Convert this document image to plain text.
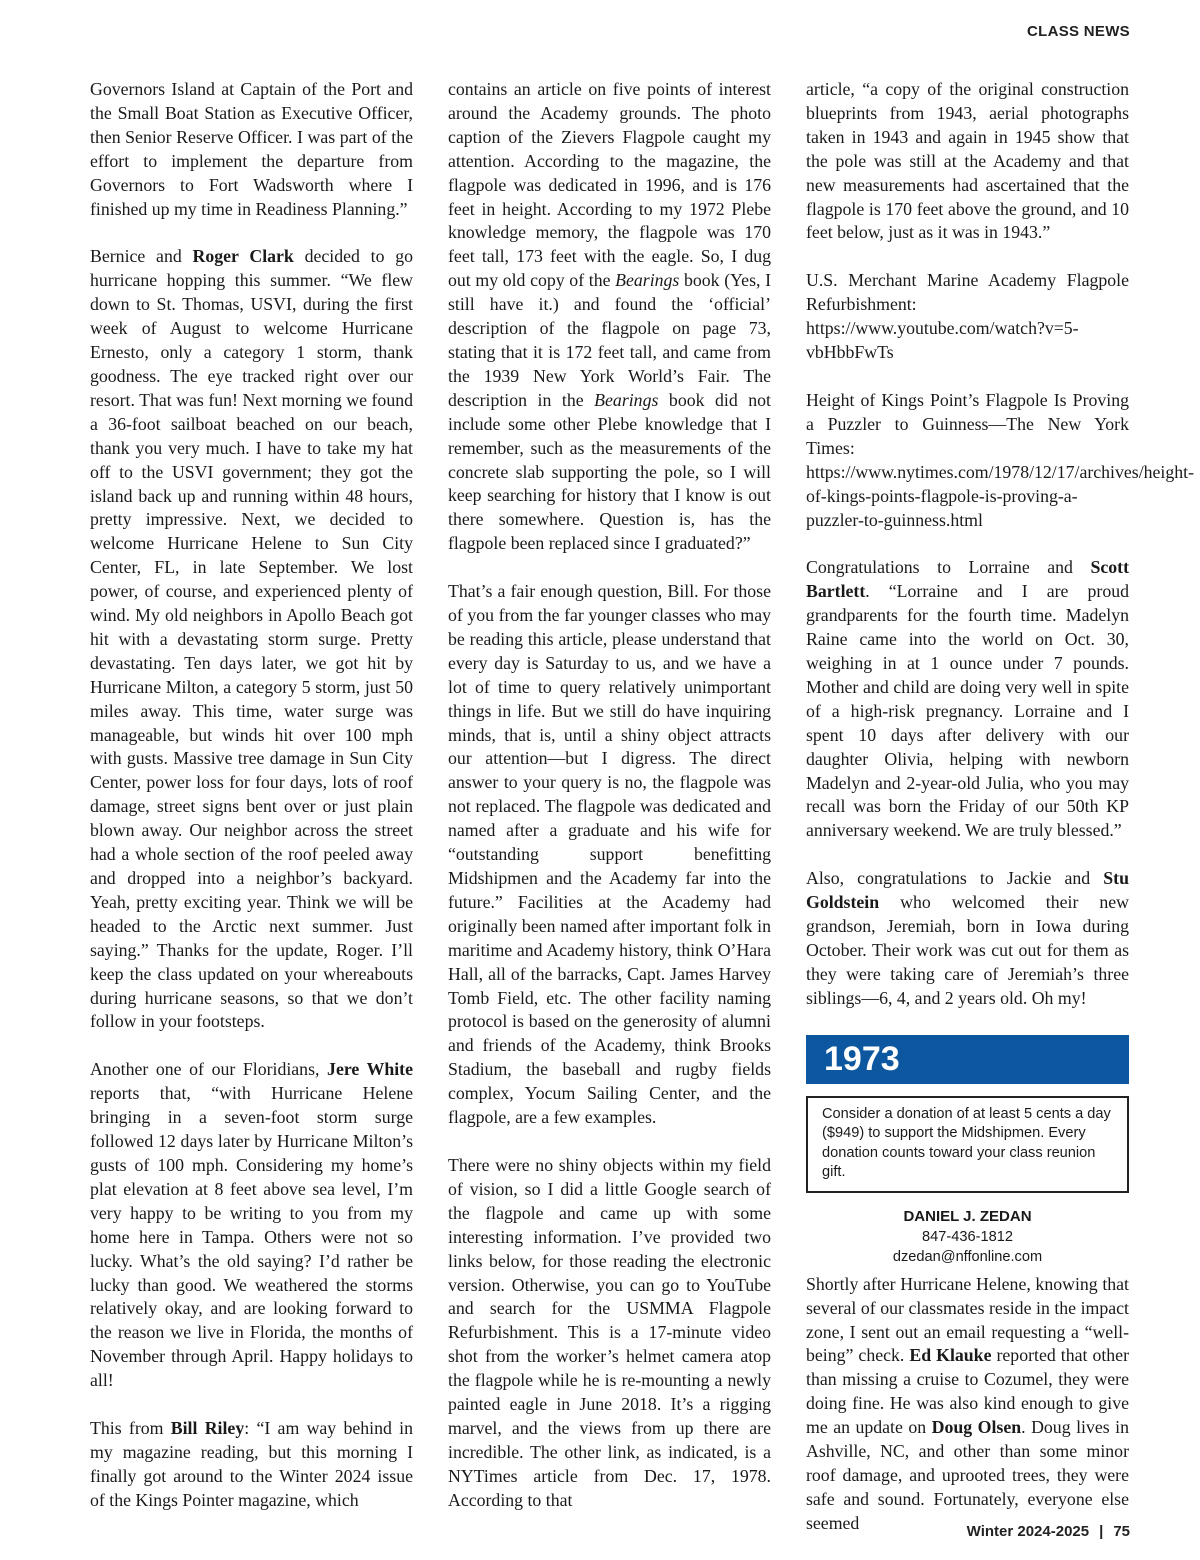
CLASS NEWS

Governors Island at Captain of the Port and the Small Boat Station as Executive Officer, then Senior Reserve Officer. I was part of the effort to implement the departure from Governors to Fort Wadsworth where I finished up my time in Readiness Planning.”

Bernice and Roger Clark decided to go hurricane hopping this summer. “We flew down to St. Thomas, USVI, during the first week of August to welcome Hurricane Ernesto, only a category 1 storm, thank goodness. The eye tracked right over our resort. That was fun! Next morning we found a 36-foot sailboat beached on our beach, thank you very much. I have to take my hat off to the USVI government; they got the island back up and running within 48 hours, pretty impressive. Next, we decided to welcome Hurricane Helene to Sun City Center, FL, in late September. We lost power, of course, and experienced plenty of wind. My old neighbors in Apollo Beach got hit with a devastating storm surge. Pretty devastating. Ten days later, we got hit by Hurricane Milton, a category 5 storm, just 50 miles away. This time, water surge was manageable, but winds hit over 100 mph with gusts. Massive tree damage in Sun City Center, power loss for four days, lots of roof damage, street signs bent over or just plain blown away. Our neighbor across the street had a whole section of the roof peeled away and dropped into a neighbor’s backyard. Yeah, pretty exciting year. Think we will be headed to the Arctic next summer. Just saying.” Thanks for the update, Roger. I’ll keep the class updated on your whereabouts during hurricane seasons, so that we don’t follow in your footsteps.

Another one of our Floridians, Jere White reports that, “with Hurricane Helene bringing in a seven-foot storm surge followed 12 days later by Hurricane Milton’s gusts of 100 mph. Considering my home’s plat elevation at 8 feet above sea level, I’m very happy to be writing to you from my home here in Tampa. Others were not so lucky. What’s the old saying? I’d rather be lucky than good. We weathered the storms relatively okay, and are looking forward to the reason we live in Florida, the months of November through April. Happy holidays to all!

This from Bill Riley: “I am way behind in my magazine reading, but this morning I finally got around to the Winter 2024 issue of the Kings Pointer magazine, which

contains an article on five points of interest around the Academy grounds. The photo caption of the Zievers Flagpole caught my attention. According to the magazine, the flagpole was dedicated in 1996, and is 176 feet in height. According to my 1972 Plebe knowledge memory, the flagpole was 170 feet tall, 173 feet with the eagle. So, I dug out my old copy of the Bearings book (Yes, I still have it.) and found the ‘official’ description of the flagpole on page 73, stating that it is 172 feet tall, and came from the 1939 New York World’s Fair. The description in the Bearings book did not include some other Plebe knowledge that I remember, such as the measurements of the concrete slab supporting the pole, so I will keep searching for history that I know is out there somewhere. Question is, has the flagpole been replaced since I graduated?”

That’s a fair enough question, Bill. For those of you from the far younger classes who may be reading this article, please understand that every day is Saturday to us, and we have a lot of time to query relatively unimportant things in life. But we still do have inquiring minds, that is, until a shiny object attracts our attention—but I digress. The direct answer to your query is no, the flagpole was not replaced. The flagpole was dedicated and named after a graduate and his wife for “outstanding support benefitting Midshipmen and the Academy far into the future.” Facilities at the Academy had originally been named after important folk in maritime and Academy history, think O’Hara Hall, all of the barracks, Capt. James Harvey Tomb Field, etc. The other facility naming protocol is based on the generosity of alumni and friends of the Academy, think Brooks Stadium, the baseball and rugby fields complex, Yocum Sailing Center, and the flagpole, are a few examples.

There were no shiny objects within my field of vision, so I did a little Google search of the flagpole and came up with some interesting information. I’ve provided two links below, for those reading the electronic version. Otherwise, you can go to YouTube and search for the USMMA Flagpole Refurbishment. This is a 17-minute video shot from the worker’s helmet camera atop the flagpole while he is re-mounting a newly painted eagle in June 2018. It’s a rigging marvel, and the views from up there are incredible. The other link, as indicated, is a NYTimes article from Dec. 17, 1978. According to that

article, “a copy of the original construction blueprints from 1943, aerial photographs taken in 1943 and again in 1945 show that the pole was still at the Academy and that new measurements had ascertained that the flagpole is 170 feet above the ground, and 10 feet below, just as it was in 1943.”

U.S. Merchant Marine Academy Flagpole Refurbishment: https://www.youtube.com/watch?v=5-vbHbbFwTs

Height of Kings Point’s Flagpole Is Proving a Puzzler to Guinness—The New York Times: https://www.nytimes.com/1978/12/17/archives/height-of-kings-points-flagpole-is-proving-a-puzzler-to-guinness.html

Congratulations to Lorraine and Scott Bartlett. “Lorraine and I are proud grandparents for the fourth time. Madelyn Raine came into the world on Oct. 30, weighing in at 1 ounce under 7 pounds. Mother and child are doing very well in spite of a high-risk pregnancy. Lorraine and I spent 10 days after delivery with our daughter Olivia, helping with newborn Madelyn and 2-year-old Julia, who you may recall was born the Friday of our 50th KP anniversary weekend. We are truly blessed.”

Also, congratulations to Jackie and Stu Goldstein who welcomed their new grandson, Jeremiah, born in Iowa during October. Their work was cut out for them as they were taking care of Jeremiah’s three siblings—6, 4, and 2 years old. Oh my!

1973
Consider a donation of at least 5 cents a day ($949) to support the Midshipmen. Every donation counts toward your class reunion gift.
DANIEL J. ZEDAN
847-436-1812
dzedan@nffonline.com

Shortly after Hurricane Helene, knowing that several of our classmates reside in the impact zone, I sent out an email requesting a “well-being” check. Ed Klauke reported that other than missing a cruise to Cozumel, they were doing fine. He was also kind enough to give me an update on Doug Olsen. Doug lives in Ashville, NC, and other than some minor roof damage, and uprooted trees, they were safe and sound. Fortunately, everyone else seemed	Winter 2024-2025 | 75
